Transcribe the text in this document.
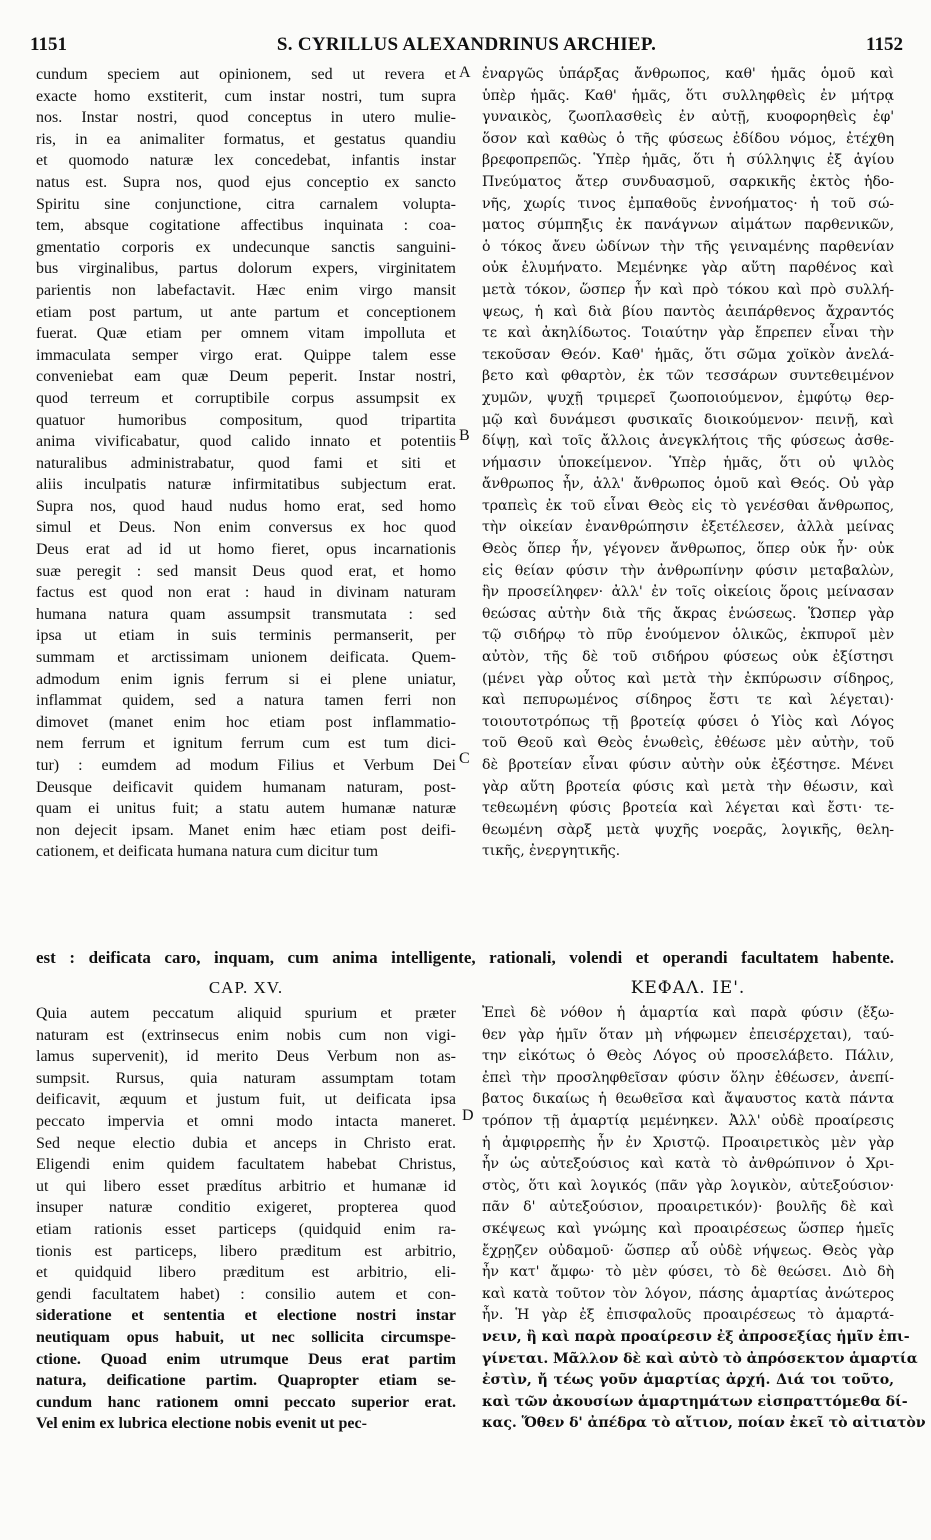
1151	S. CYRILLUS ALEXANDRINUS ARCHIEP.	1152
A
B
C
D
cundum speciem aut opinionem, sed ut revera et
exacte homo exstiterit, cum instar nostri, tum supra
nos. Instar nostri, quod conceptus in utero mulie-
ris, in ea animaliter formatus, et gestatus quandiu
et quomodo naturæ lex concedebat, infantis instar
natus est. Supra nos, quod ejus conceptio ex sancto
Spiritu sine conjunctione, citra carnalem volupta-
tem, absque cogitatione affectibus inquinata : coa-
gmentatio corporis ex undecunque sanctis sanguini-
bus virginalibus, partus dolorum expers, virginitatem
parientis non labefactavit. Hæc enim virgo mansit
etiam post partum, ut ante partum et conceptionem
fuerat. Quæ etiam per omnem vitam impolluta et
immaculata semper virgo erat. Quippe talem esse
conveniebat eam quæ Deum peperit. Instar nostri,
quod terreum et corruptibile corpus assumpsit ex
quatuor humoribus compositum, quod tripartita
anima vivificabatur, quod calido innato et potentiis
naturalibus administrabatur, quod fami et siti et
aliis inculpatis naturæ infirmitatibus subjectum erat.
Supra nos, quod haud nudus homo erat, sed homo
simul et Deus. Non enim conversus ex hoc quod
Deus erat ad id ut homo fieret, opus incarnationis
suæ peregit : sed mansit Deus quod erat, et homo
factus est quod non erat : haud in divinam naturam
humana natura quam assumpsit transmutata : sed
ipsa ut etiam in suis terminis permanserit, per
summam et arctissimam unionem deificata. Quem-
admodum enim ignis ferrum si ei plene uniatur,
inflammat quidem, sed a natura tamen ferri non
dimovet (manet enim hoc etiam post inflammatio-
nem ferrum et ignitum ferrum cum est tum dici-
tur) : eumdem ad modum Filius et Verbum Dei
Deusque deificavit quidem humanam naturam, post-
quam ei unitus fuit; a statu autem humanæ naturæ
non dejecit ipsam. Manet enim hæc etiam post deifi-
cationem, et deificata humana natura cum dicitur tum
ἐναργῶς ὑπάρξας ἄνθρωπος, καθ' ἡμᾶς ὁμοῦ καὶ
ὑπὲρ ἡμᾶς. Καθ' ἡμᾶς, ὅτι συλληφθεὶς ἐν μήτρᾳ
γυναικὸς, ζωοπλασθεὶς ἐν αὐτῇ, κυοφορηθεὶς ἐφ'
ὅσον καὶ καθὼς ὁ τῆς φύσεως ἐδίδου νόμος, ἐτέχθη
βρεφοπρεπῶς. Ὑπὲρ ἡμᾶς, ὅτι ἡ σύλληψις ἐξ ἁγίου
Πνεύματος ἄτερ συνδυασμοῦ, σαρκικῆς ἐκτὸς ἡδο-
νῆς, χωρίς τινος ἐμπαθοῦς ἐννοήματος· ἡ τοῦ σώ-
ματος σύμπηξις ἐκ πανάγνων αἱμάτων παρθενικῶν,
ὁ τόκος ἄνευ ὠδίνων τὴν τῆς γειναμένης παρθενίαν
οὐκ ἐλυμήνατο. Μεμένηκε γὰρ αὕτη παρθένος καὶ
μετὰ τόκον, ὥσπερ ἦν καὶ πρὸ τόκου καὶ πρὸ συλλή-
ψεως, ἡ καὶ διὰ βίου παντὸς ἀειπάρθενος ἄχραντός
τε καὶ ἀκηλίδωτος. Τοιαύτην γὰρ ἔπρεπεν εἶναι τὴν
τεκοῦσαν Θεόν. Καθ' ἡμᾶς, ὅτι σῶμα χοϊκὸν ἀνελά-
βετο καὶ φθαρτὸν, ἐκ τῶν τεσσάρων συντεθειμένον
χυμῶν, ψυχῇ τριμερεῖ ζωοποιούμενον, ἐμφύτῳ θερ-
μῷ καὶ δυνάμεσι φυσικαῖς διοικούμενον· πεινῇ, καὶ
δίψῃ, καὶ τοῖς ἄλλοις ἀνεγκλήτοις τῆς φύσεως ἀσθε-
νήμασιν ὑποκείμενον. Ὑπὲρ ἡμᾶς, ὅτι οὐ ψιλὸς
ἄνθρωπος ἦν, ἀλλ' ἄνθρωπος ὁμοῦ καὶ Θεός. Οὐ γὰρ
τραπεὶς ἐκ τοῦ εἶναι Θεὸς εἰς τὸ γενέσθαι ἄνθρωπος,
τὴν οἰκείαν ἐνανθρώπησιν ἐξετέλεσεν, ἀλλὰ μείνας
Θεὸς ὅπερ ἦν, γέγονεν ἄνθρωπος, ὅπερ οὐκ ἦν· οὐκ
εἰς θείαν φύσιν τὴν ἀνθρωπίνην φύσιν μεταβαλὼν,
ἣν προσείληφεν· ἀλλ' ἐν τοῖς οἰκείοις ὅροις μείνασαν
θεώσας αὐτὴν διὰ τῆς ἄκρας ἑνώσεως. Ὥσπερ γὰρ
τῷ σιδήρῳ τὸ πῦρ ἑνούμενον ὁλικῶς, ἐκπυροῖ μὲν
αὐτὸν, τῆς δὲ τοῦ σιδήρου φύσεως οὐκ ἐξίστησι
(μένει γὰρ οὗτος καὶ μετὰ τὴν ἐκπύρωσιν σίδηρος,
καὶ πεπυρωμένος σίδηρος ἔστι τε καὶ λέγεται)·
τοιουτοτρόπως τῇ βροτείᾳ φύσει ὁ Υἱὸς καὶ Λόγος
τοῦ Θεοῦ καὶ Θεὸς ἑνωθεὶς, ἐθέωσε μὲν αὐτὴν, τοῦ
δὲ βροτείαν εἶναι φύσιν αὐτὴν οὐκ ἐξέστησε. Μένει
γὰρ αὕτη βροτεία φύσις καὶ μετὰ τὴν θέωσιν, καὶ
τεθεωμένη φύσις βροτεία καὶ λέγεται καὶ ἔστι· τε-
θεωμένη σὰρξ μετὰ ψυχῆς νοερᾶς, λογικῆς, θελη-
τικῆς, ἐνεργητικῆς.
est : deificata caro, inquam, cum anima intelligente, rationali, volendi et operandi facultatem habente.
CAP. XV.	ΚΕΦΑΛ. ΙΕ'.
Quia autem peccatum aliquid spurium et præter
naturam est (extrinsecus enim nobis cum non vigi-
lamus supervenit), id merito Deus Verbum non as-
sumpsit. Rursus, quia naturam assumptam totam
deificavit, æquum et justum fuit, ut deificata ipsa
peccato impervia et omni modo intacta maneret.
Sed neque electio dubia et anceps in Christo erat.
Eligendi enim quidem facultatem habebat Christus,
ut qui libero esset prædítus arbitrio et humanæ id
insuper naturæ conditio exigeret, propterea quod
etiam rationis esset particeps (quidquid enim ra-
tionis est particeps, libero præditum est arbitrio,
et quidquid libero præditum est arbitrio, eli-
gendi facultatem habet) : consilio autem et con-
sideratione et sententia et electione nostri instar
neutiquam opus habuit, ut nec sollicita circumspe-
ctione. Quoad enim utrumque Deus erat partim
natura, deificatione partim. Quapropter etiam se-
cundum hanc rationem omni peccato superior erat.
Vel enim ex lubrica electione nobis evenit ut pec-
Ἐπεὶ δὲ νόθον ἡ ἁμαρτία καὶ παρὰ φύσιν (ἔξω-
θεν γὰρ ἡμῖν ὅταν μὴ νήφωμεν ἐπεισέρχεται), ταύ-
την εἰκότως ὁ Θεὸς Λόγος οὐ προσελάβετο. Πάλιν,
ἐπεὶ τὴν προσληφθεῖσαν φύσιν ὅλην ἐθέωσεν, ἀνεπί-
βατος δικαίως ἡ θεωθεῖσα καὶ ἄψαυστος κατὰ πάντα
τρόπον τῇ ἁμαρτίᾳ μεμένηκεν. Ἀλλ' οὐδὲ προαίρεσις
ἡ ἀμφιρρεπὴς ἦν ἐν Χριστῷ. Προαιρετικὸς μὲν γὰρ
ἦν ὡς αὐτεξούσιος καὶ κατὰ τὸ ἀνθρώπινον ὁ Χρι-
στὸς, ὅτι καὶ λογικός (πᾶν γὰρ λογικὸν, αὐτεξούσιον·
πᾶν δ' αὐτεξούσιον, προαιρετικόν)· βουλῆς δὲ καὶ
σκέψεως καὶ γνώμης καὶ προαιρέσεως ὥσπερ ἡμεῖς
ἔχρῃζεν οὐδαμοῦ· ὥσπερ αὖ οὐδὲ νήψεως. Θεὸς γὰρ
ἦν κατ' ἄμφω· τὸ μὲν φύσει, τὸ δὲ θεώσει. Διὸ δὴ
καὶ κατὰ τοῦτον τὸν λόγον, πάσης ἁμαρτίας ἀνώτερος
ἦν. Ἡ γὰρ ἐξ ἐπισφαλοῦς προαιρέσεως τὸ ἁμαρτά-
νειν, ἢ καὶ παρὰ προαίρεσιν ἐξ ἀπροσεξίας ἡμῖν ἐπι-
γίνεται. Μᾶλλον δὲ καὶ αὐτὸ τὸ ἀπρόσεκτον ἁμαρτία
ἐστὶν, ἤ τέως γοῦν ἁμαρτίας ἀρχή. Διά τοι τοῦτο,
καὶ τῶν ἀκουσίων ἁμαρτημάτων εἰσπραττόμεθα δί-
κας. Ὅθεν δ' ἀπέδρα τὸ αἴτιον, ποίαν ἐκεῖ τὸ αἰτιατὸν
